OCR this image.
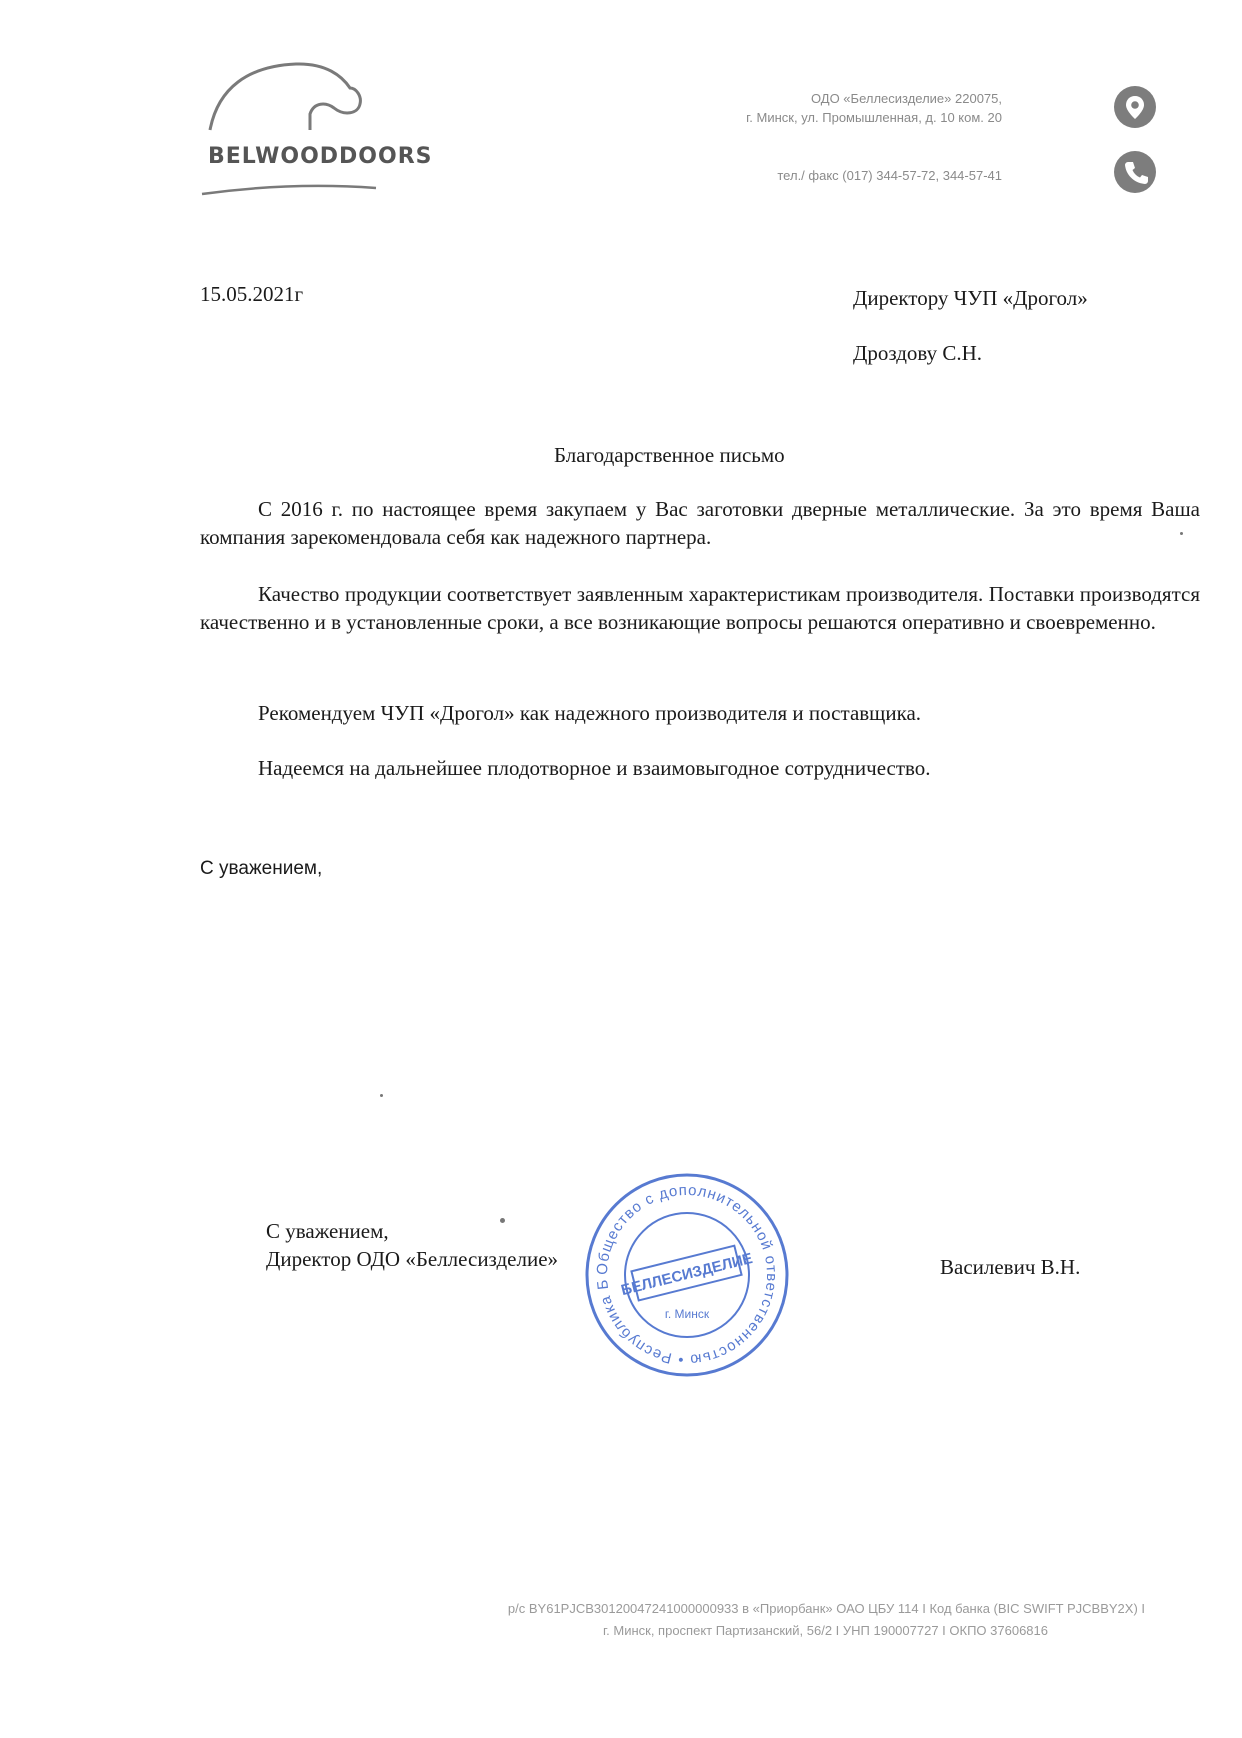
BELWOODDOORS
ОДО «Беллесизделие» 220075,
г. Минск, ул. Промышленная, д. 10 ком. 20
тел./ факс (017) 344-57-72, 344-57-41
15.05.2021г	Директору ЧУП «Дрогол»
Дроздову С.Н.
Благодарственное письмо
С 2016 г. по настоящее время закупаем у Вас заготовки дверные металлические. За это время Ваша компания зарекомендовала себя как надежного партнера.
Качество продукции соответствует заявленным характеристикам производителя. Поставки производятся качественно и в установленные сроки, а все возникающие вопросы решаются оперативно и своевременно.
Рекомендуем ЧУП «Дрогол» как надежного производителя и поставщика.
Надеемся на дальнейшее плодотворное и взаимовыгодное сотрудничество.
С уважением,
С уважением,
Директор ОДО «Беллесизделие»	Василевич В.Н.
Общество с дополнительной ответственностью • Республика Б БЕЛЛЕСИЗДЕЛИЕ
г. Минск
р/с BY61PJCB30120047241000000933 в «Приорбанк» ОАО ЦБУ 114 I Код банка (BIC SWIFT PJCBBY2X) I
г. Минск, проспект Партизанский, 56/2 I УНП 190007727 I ОКПО 37606816
